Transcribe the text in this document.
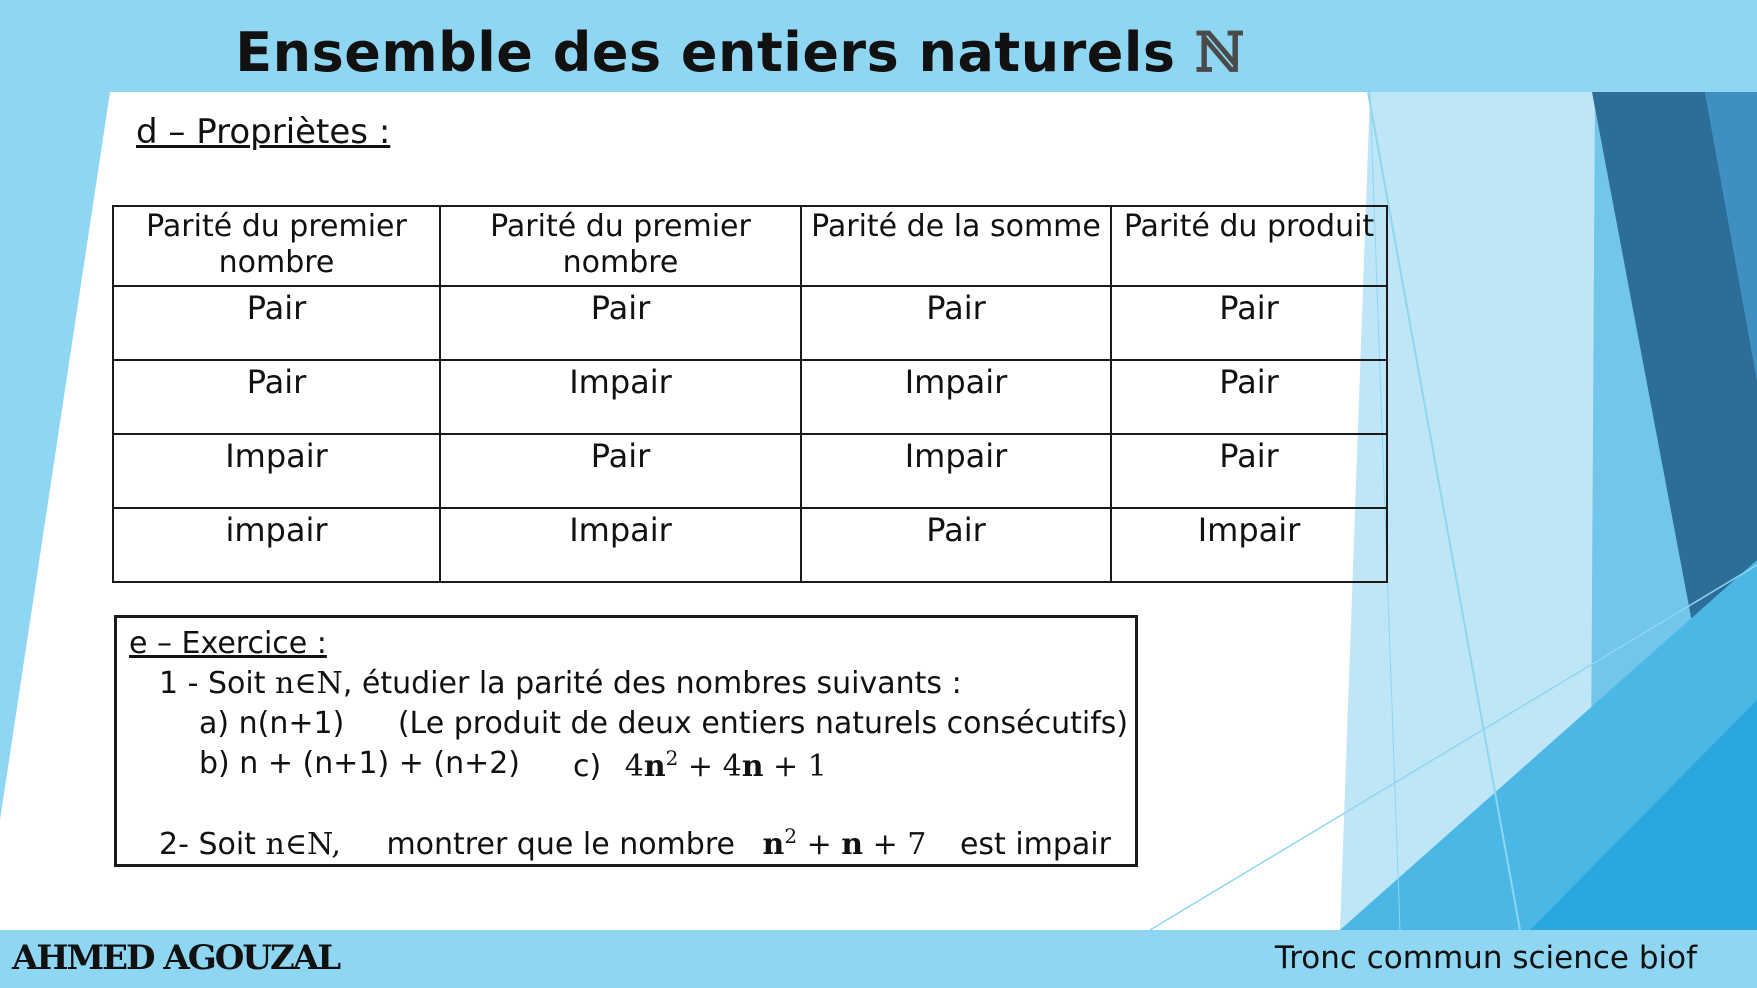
Ensemble des entiers naturels ℕ
d – Propriètes :
Parité du premier nombre	Parité du premier nombre	Parité de la somme	Parité du produit
Pair	Pair	Pair	Pair
Pair	Impair	Impair	Pair
Impair	Pair	Impair	Pair
impair	Impair	Pair	Impair
e – Exercice :
1 - Soit n∈N, étudier la parité des nombres suivants :
a) n(n+1) (Le produit de deux entiers naturels consécutifs)
b) n + (n+1) + (n+2) c) $4n^2 + 4n + 1$
2- Soit n∈N, montrer que le nombre $n^2 + n + 7$ est impair
AHMED AGOUZAL	Tronc commun science biof
